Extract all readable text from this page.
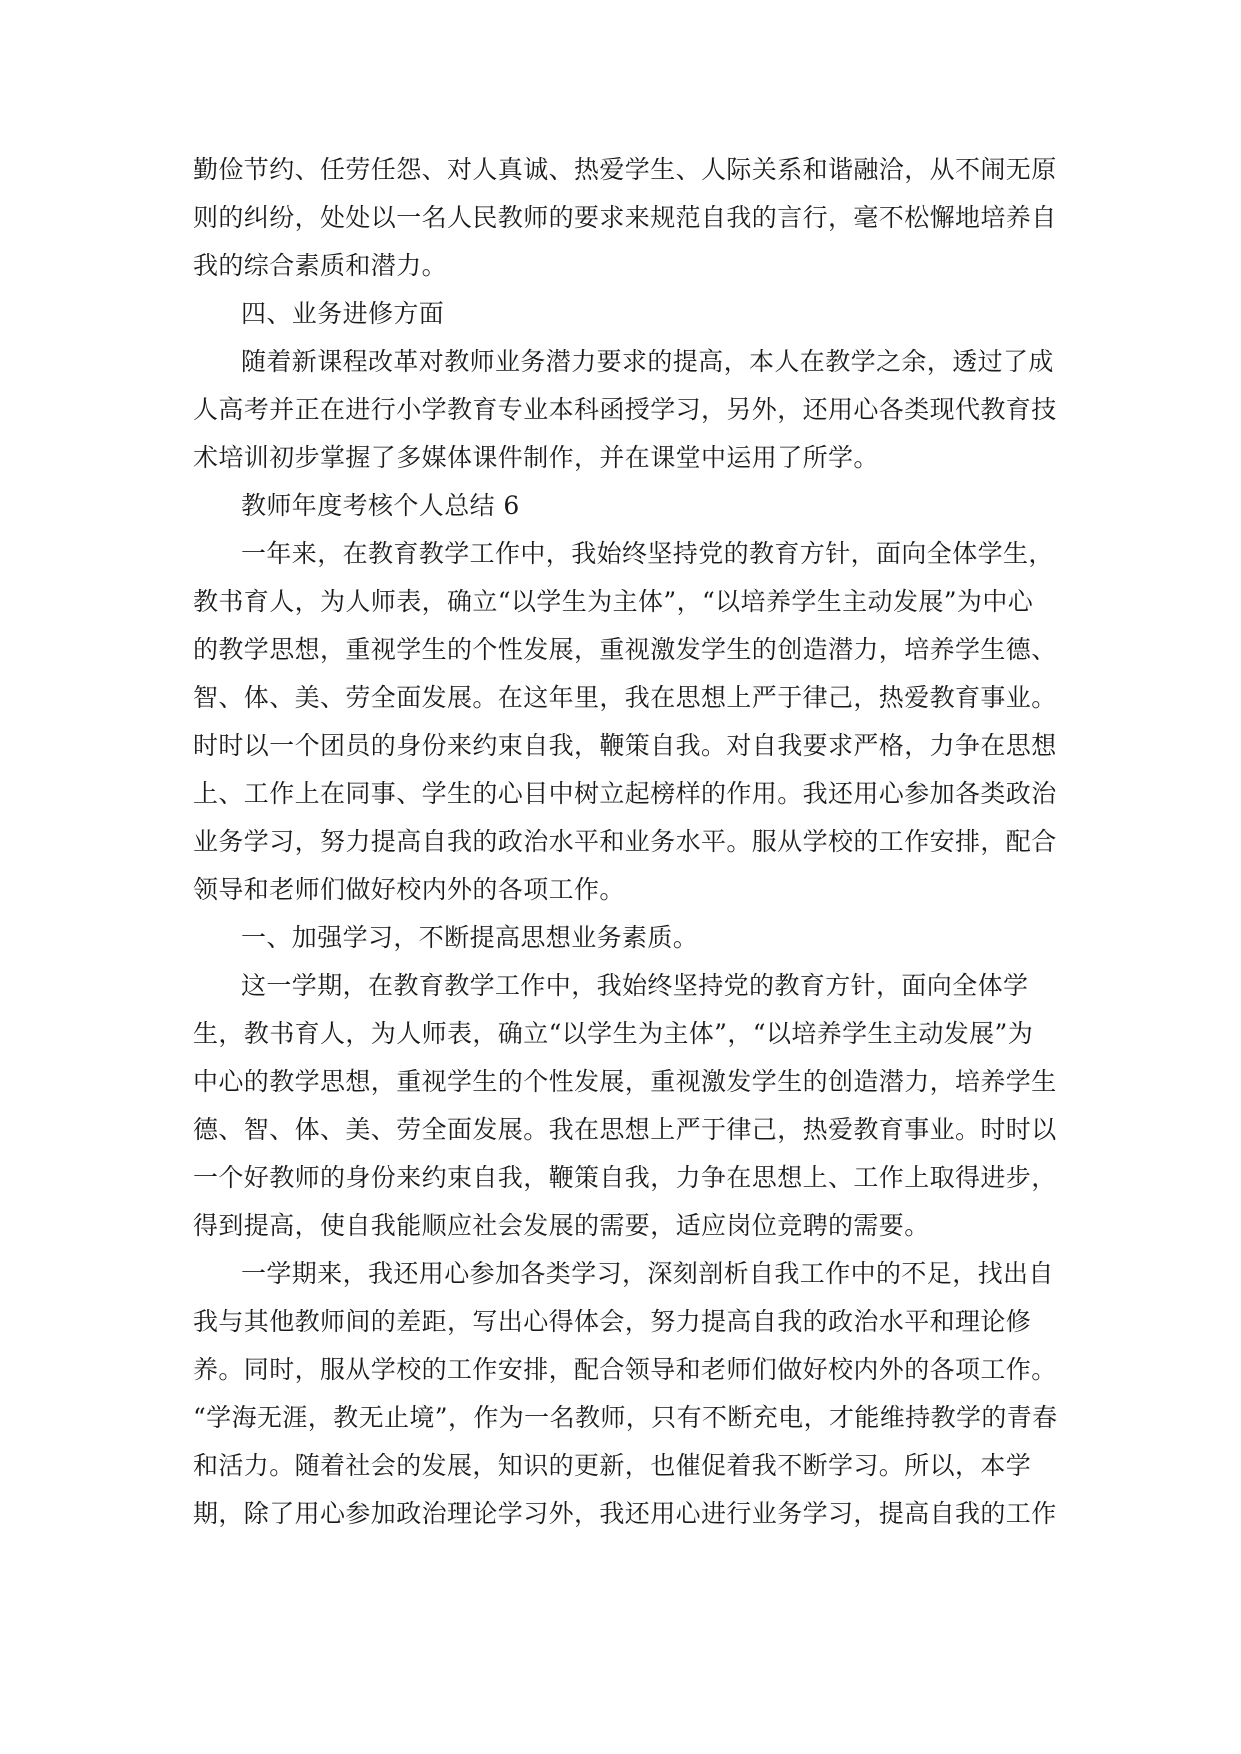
勤俭节约、任劳任怨、对人真诚、热爱学生、人际关系和谐融洽，从不闹无原
则的纠纷，处处以一名人民教师的要求来规范自我的言行，毫不松懈地培养自
我的综合素质和潜力。
四、业务进修方面
随着新课程改革对教师业务潜力要求的提高，本人在教学之余，透过了成
人高考并正在进行小学教育专业本科函授学习，另外，还用心各类现代教育技
术培训初步掌握了多媒体课件制作，并在课堂中运用了所学。
教师年度考核个人总结 6
一年来，在教育教学工作中，我始终坚持党的教育方针，面向全体学生，
教书育人，为人师表，确立“以学生为主体”，“以培养学生主动发展”为中心
的教学思想，重视学生的个性发展，重视激发学生的创造潜力，培养学生德、
智、体、美、劳全面发展。在这年里，我在思想上严于律己，热爱教育事业。
时时以一个团员的身份来约束自我，鞭策自我。对自我要求严格，力争在思想
上、工作上在同事、学生的心目中树立起榜样的作用。我还用心参加各类政治
业务学习，努力提高自我的政治水平和业务水平。服从学校的工作安排，配合
领导和老师们做好校内外的各项工作。
一、加强学习，不断提高思想业务素质。
这一学期，在教育教学工作中，我始终坚持党的教育方针，面向全体学
生，教书育人，为人师表，确立“以学生为主体”，“以培养学生主动发展”为
中心的教学思想，重视学生的个性发展，重视激发学生的创造潜力，培养学生
德、智、体、美、劳全面发展。我在思想上严于律己，热爱教育事业。时时以
一个好教师的身份来约束自我，鞭策自我，力争在思想上、工作上取得进步，
得到提高，使自我能顺应社会发展的需要，适应岗位竞聘的需要。
一学期来，我还用心参加各类学习，深刻剖析自我工作中的不足，找出自
我与其他教师间的差距，写出心得体会，努力提高自我的政治水平和理论修
养。同时，服从学校的工作安排，配合领导和老师们做好校内外的各项工作。
“学海无涯，教无止境”，作为一名教师，只有不断充电，才能维持教学的青春
和活力。随着社会的发展，知识的更新，也催促着我不断学习。所以，本学
期，除了用心参加政治理论学习外，我还用心进行业务学习，提高自我的工作
